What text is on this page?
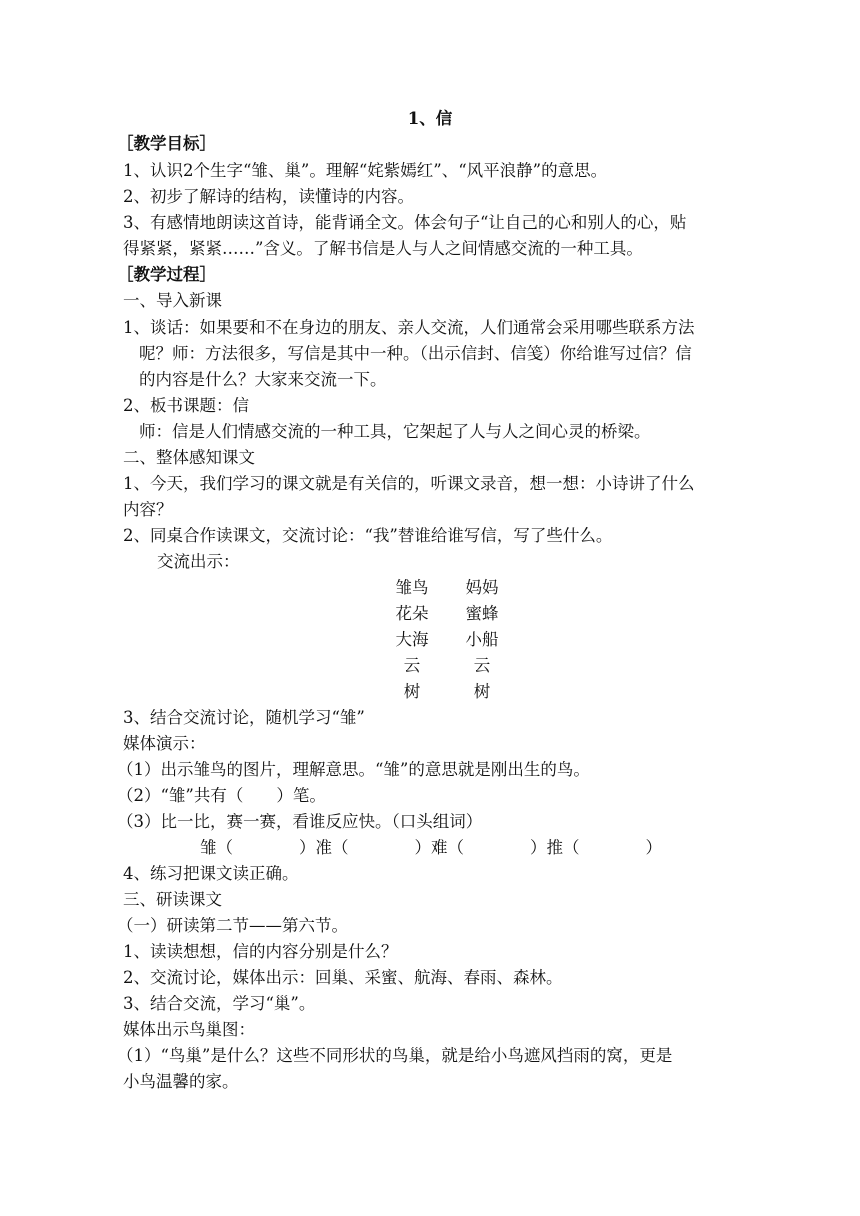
1、信
［教学目标］
1、认识2个生字“雏、巢”。理解“姹紫嫣红”、“风平浪静”的意思。
2、初步了解诗的结构，读懂诗的内容。
3、有感情地朗读这首诗，能背诵全文。体会句子“让自己的心和别人的心，贴
得紧紧，紧紧……”含义。了解书信是人与人之间情感交流的一种工具。
［教学过程］
一、导入新课
1、谈话：如果要和不在身边的朋友、亲人交流，人们通常会采用哪些联系方法
呢？师：方法很多，写信是其中一种。（出示信封、信笺）你给谁写过信？信
的内容是什么？大家来交流一下。
2、板书课题：信
师：信是人们情感交流的一种工具，它架起了人与人之间心灵的桥梁。
二、整体感知课文
1、今天，我们学习的课文就是有关信的，听课文录音，想一想：小诗讲了什么
内容？
2、同桌合作读课文，交流讨论：“我”替谁给谁写信，写了些什么。
交流出示：
雏鸟	妈妈
花朵	蜜蜂
大海	小船
云	云
树	树
3、结合交流讨论，随机学习“雏”
媒体演示：
（1）出示雏鸟的图片，理解意思。“雏”的意思就是刚出生的鸟。
（2）“雏”共有（　　）笔。
（3）比一比，赛一赛，看谁反应快。（口头组词）
雏（　　　　）准（　　　　）难（　　　　）推（　　　　）
4、练习把课文读正确。
三、研读课文
（一）研读第二节——第六节。
1、读读想想，信的内容分别是什么？
2、交流讨论，媒体出示：回巢、采蜜、航海、春雨、森林。
3、结合交流，学习“巢”。
媒体出示鸟巢图：
（1）“鸟巢”是什么？这些不同形状的鸟巢，就是给小鸟遮风挡雨的窝，更是
小鸟温馨的家。
